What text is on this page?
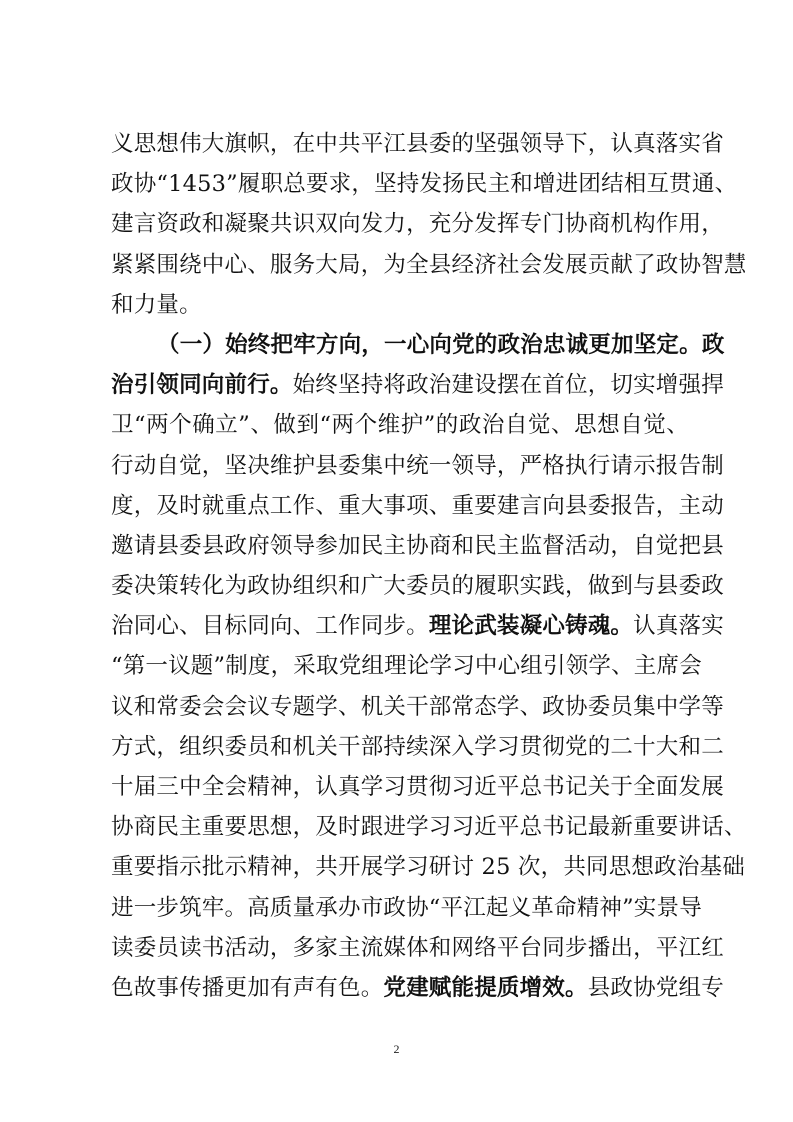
义思想伟大旗帜，在中共平江县委的坚强领导下，认真落实省
政协“1453”履职总要求，坚持发扬民主和增进团结相互贯通、
建言资政和凝聚共识双向发力，充分发挥专门协商机构作用，
紧紧围绕中心、服务大局，为全县经济社会发展贡献了政协智慧
和力量。
（一）始终把牢方向，一心向党的政治忠诚更加坚定。政
治引领同向前行。始终坚持将政治建设摆在首位，切实增强捍
卫“两个确立”、做到“两个维护”的政治自觉、思想自觉、
行动自觉，坚决维护县委集中统一领导，严格执行请示报告制
度，及时就重点工作、重大事项、重要建言向县委报告，主动
邀请县委县政府领导参加民主协商和民主监督活动，自觉把县
委决策转化为政协组织和广大委员的履职实践，做到与县委政
治同心、目标同向、工作同步。理论武装凝心铸魂。认真落实
“第一议题”制度，采取党组理论学习中心组引领学、主席会
议和常委会会议专题学、机关干部常态学、政协委员集中学等
方式，组织委员和机关干部持续深入学习贯彻党的二十大和二
十届三中全会精神，认真学习贯彻习近平总书记关于全面发展
协商民主重要思想，及时跟进学习习近平总书记最新重要讲话、
重要指示批示精神，共开展学习研讨 25 次，共同思想政治基础
进一步筑牢。高质量承办市政协“平江起义革命精神”实景导
读委员读书活动，多家主流媒体和网络平台同步播出，平江红
色故事传播更加有声有色。党建赋能提质增效。县政协党组专
2
